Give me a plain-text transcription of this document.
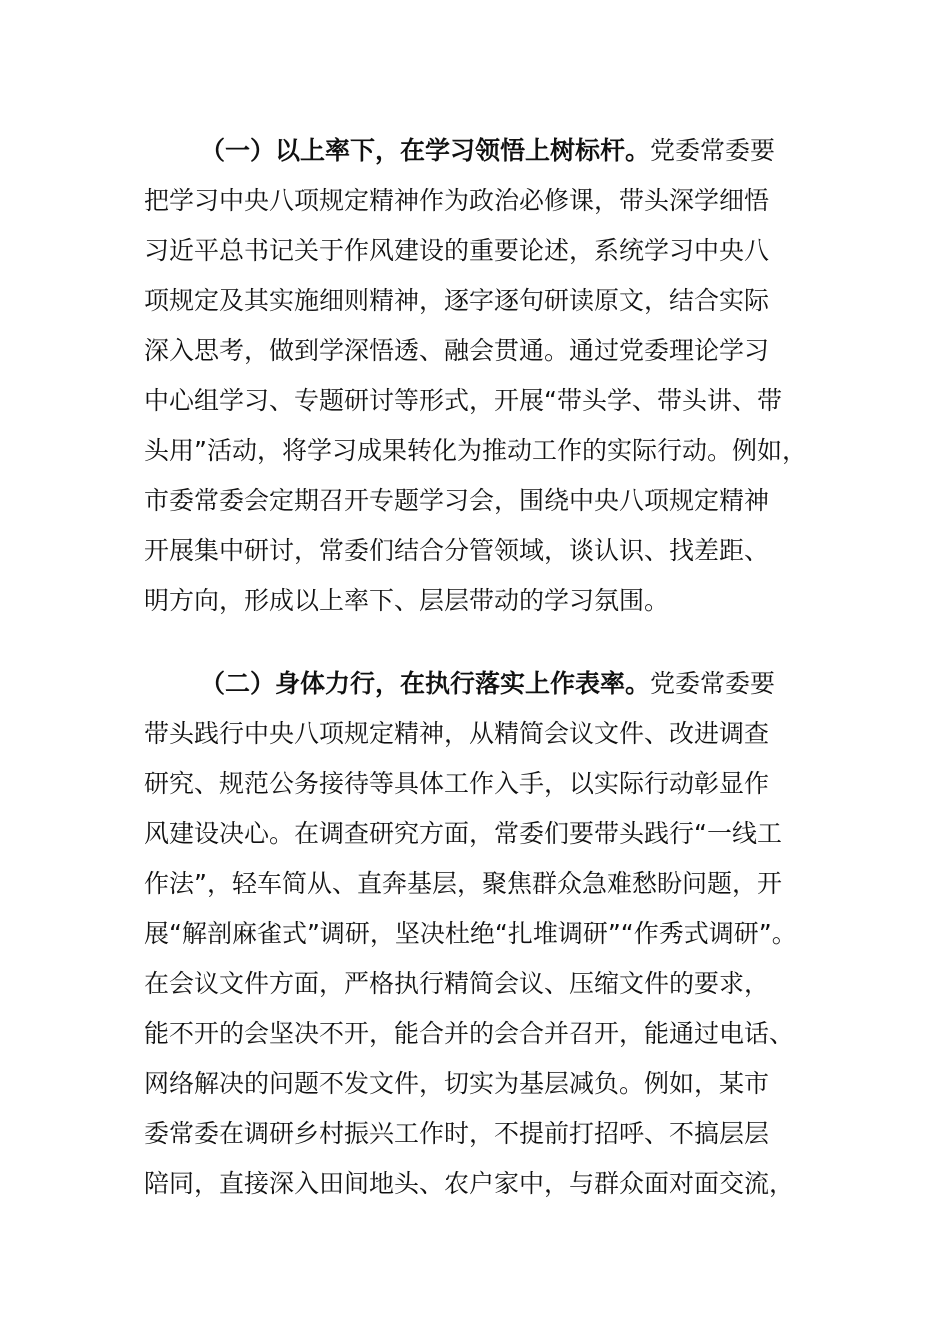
（一）以上率下，在学习领悟上树标杆。党委常委要
把学习中央八项规定精神作为政治必修课，带头深学细悟
习近平总书记关于作风建设的重要论述，系统学习中央八
项规定及其实施细则精神，逐字逐句研读原文，结合实际
深入思考，做到学深悟透、融会贯通。通过党委理论学习
中心组学习、专题研讨等形式，开展“带头学、带头讲、带
头用”活动，将学习成果转化为推动工作的实际行动。例如，
市委常委会定期召开专题学习会，围绕中央八项规定精神
开展集中研讨，常委们结合分管领域，谈认识、找差距、
明方向，形成以上率下、层层带动的学习氛围。
（二）身体力行，在执行落实上作表率。党委常委要
带头践行中央八项规定精神，从精简会议文件、改进调查
研究、规范公务接待等具体工作入手，以实际行动彰显作
风建设决心。在调查研究方面，常委们要带头践行“一线工
作法”，轻车简从、直奔基层，聚焦群众急难愁盼问题，开
展“解剖麻雀式”调研，坚决杜绝“扎堆调研”“作秀式调研”。
在会议文件方面，严格执行精简会议、压缩文件的要求，
能不开的会坚决不开，能合并的会合并召开，能通过电话、
网络解决的问题不发文件，切实为基层减负。例如，某市
委常委在调研乡村振兴工作时，不提前打招呼、不搞层层
陪同，直接深入田间地头、农户家中，与群众面对面交流，
